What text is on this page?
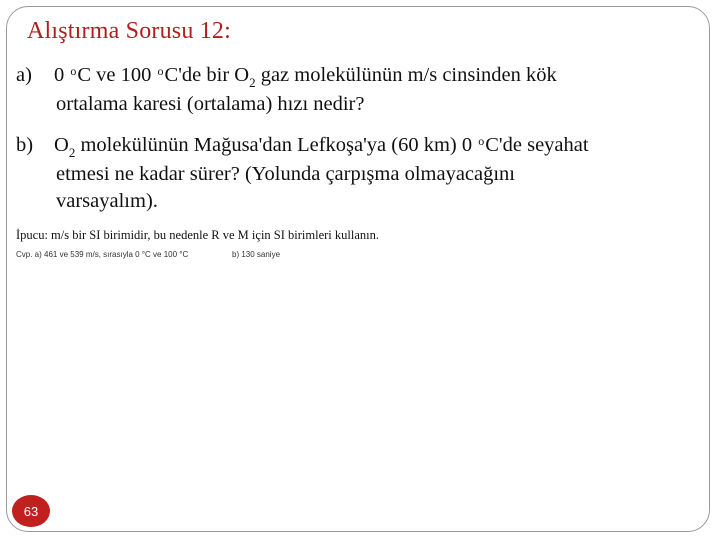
Alıştırma Sorusu 12:
a) 0 $^o$C ve 100 $^o$C'de bir $O_2$ gaz molekülünün m/s cinsinden kök
ortalama karesi (ortalama) hızı nedir?
b) $O_2$ molekülünün Mağusa'dan Lefkoşa'ya (60 km) 0 $^o$C'de seyahat
etmesi ne kadar sürer? (Yolunda çarpışma olmayacağını
varsayalım).
İpucu: m/s bir SI birimidir, bu nedenle R ve M için SI birimleri kullanın.
Cvp. a) 461 ve 539 m/s, sırasıyla 0 °C ve 100 °C	b) 130 saniye
63
